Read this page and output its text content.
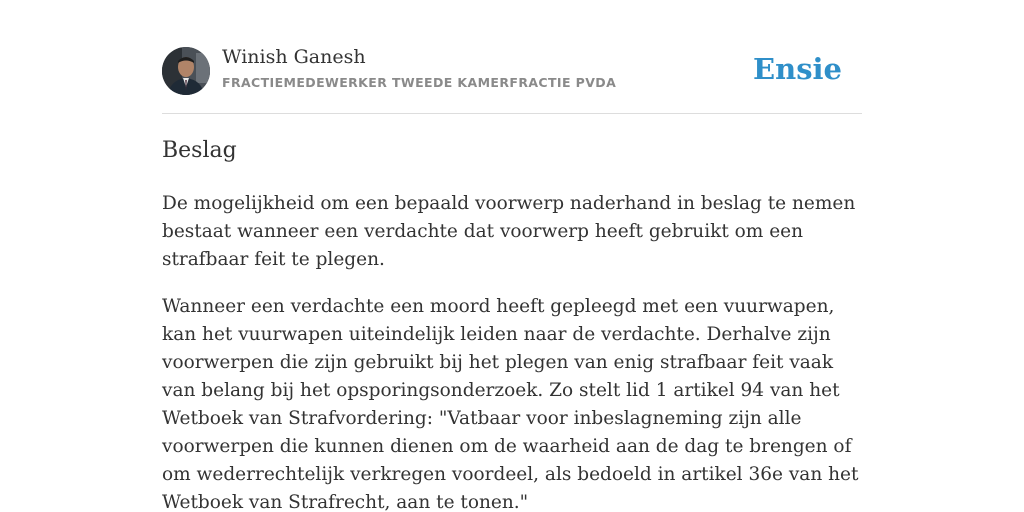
Winish Ganesh
FRACTIEMEDEWERKER TWEEDE KAMERFRACTIE PVDA	Ensie
Beslag

De mogelijkheid om een bepaald voorwerp naderhand in beslag te nemen bestaat wanneer een verdachte dat voorwerp heeft gebruikt om een strafbaar feit te plegen.

Wanneer een verdachte een moord heeft gepleegd met een vuurwapen, kan het vuurwapen uiteindelijk leiden naar de verdachte. Derhalve zijn voorwerpen die zijn gebruikt bij het plegen van enig strafbaar feit vaak van belang bij het opsporingsonderzoek. Zo stelt lid 1 artikel 94 van het Wetboek van Strafvordering: "Vatbaar voor inbeslagneming zijn alle voorwerpen die kunnen dienen om de waarheid aan de dag te brengen of om wederrechtelijk verkregen voordeel, als bedoeld in artikel 36e van het Wetboek van Strafrecht, aan te tonen."
